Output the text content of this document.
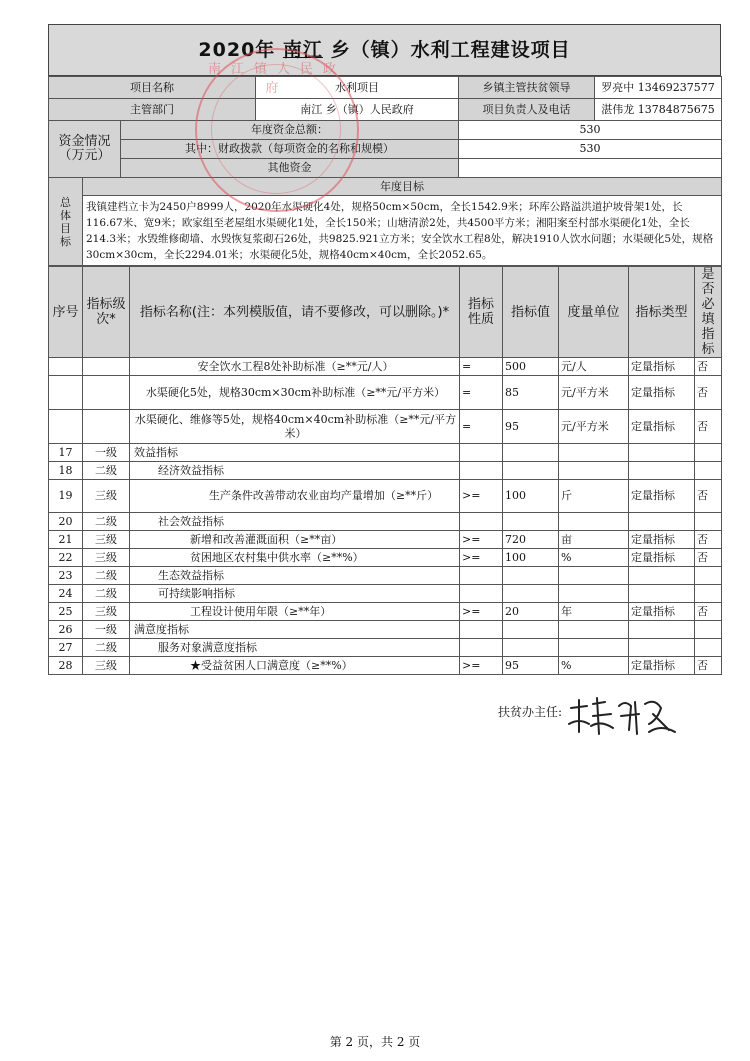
2020年 南江 乡（镇）水利工程建设项目
项目名称			水利项目	乡镇主管扶贫领导	罗亮中 13469237577
主管部门			南江 乡（镇）人民政府	项目负责人及电话	湛伟龙 13784875675
资金情况（万元）		年度资金总额：		530	
		其中：财政拨款（每项资金的名称和规模）		530	
		其他资金			
总体目标	年度目标				
	我镇建档立卡为2450户8999人，2020年水渠硬化4处，规格50cm×50cm，全长1542.9米；环库公路溢洪道护坡骨架1处，长116.67米、宽9米；欧家组至老屋组水渠硬化1处，全长150米；山塘清淤2处，共4500平方米；湘阳案至村部水渠硬化1处，全长214.3米；水毁维修砌墙、水毁恢复浆砌石26处，共9825.921立方米；安全饮水工程8处，解决1910人饮水问题；水渠硬化5处，规格30cm×30cm，全长2294.01米；水渠硬化5处，规格40cm×40cm，全长2052.65。				
序号	指标级次*	指标名称(注：本列模版值，请不要修改，可以删除。)*	指标性质	指标值	度量单位	指标类型	是否必填指标
		安全饮水工程8处补助标准（≥**元/人）	=	500	元/人	定量指标	否
		水渠硬化5处，规格30cm×30cm补助标准（≥**元/平方米）	=	85	元/平方米	定量指标	否
		水渠硬化、维修等5处，规格40cm×40cm补助标准（≥**元/平方米）	=	95	元/平方米	定量指标	否
17	一级	效益指标					
18	二级	经济效益指标					
19	三级	生产条件改善带动农业亩均产量增加（≥**斤）	>=	100	斤	定量指标	否
20	二级	社会效益指标					
21	三级	新增和改善灌溉面积（≥**亩）	>=	720	亩	定量指标	否
22	三级	贫困地区农村集中供水率（≥**%）	>=	100	%	定量指标	否
23	二级	生态效益指标					
24	二级	可持续影响指标					
25	三级	工程设计使用年限（≥**年）	>=	20	年	定量指标	否
26	一级	满意度指标					
27	二级	服务对象满意度指标					
28	三级	★受益贫困人口满意度（≥**%）	>=	95	%	定量指标	否
南江镇人民政府
扶贫办主任:
第 2 页，共 2 页
